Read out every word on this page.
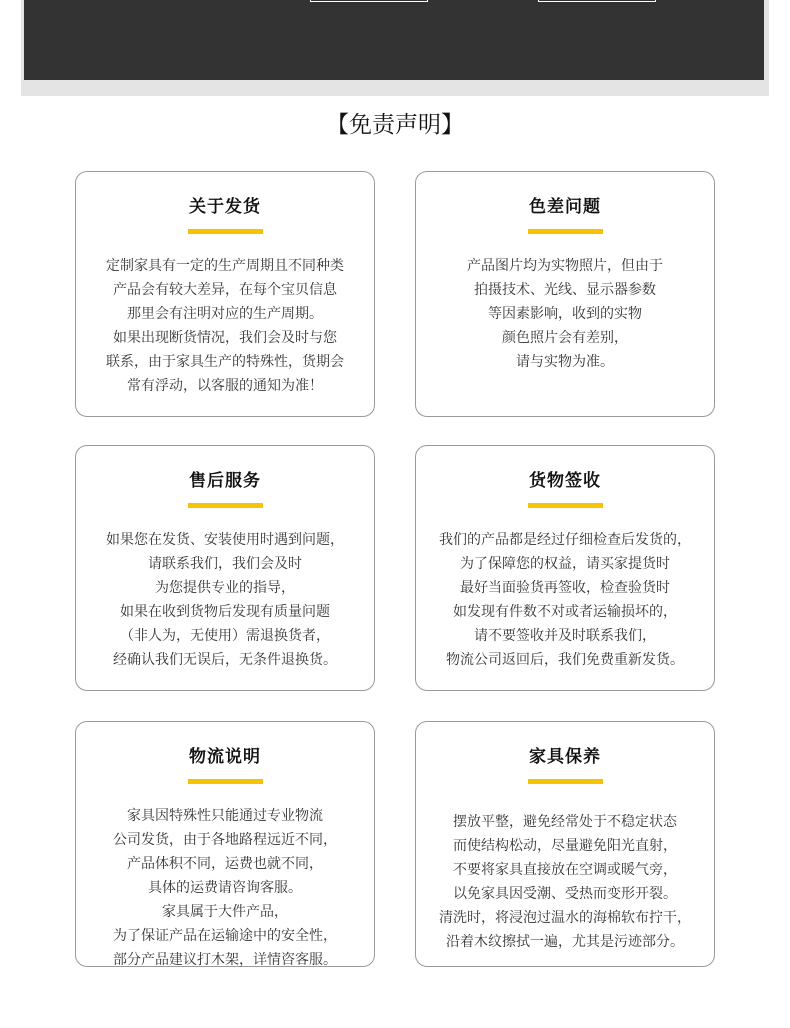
【免责声明】
关于发货
定制家具有一定的生产周期且不同种类
产品会有较大差异，在每个宝贝信息
那里会有注明对应的生产周期。
如果出现断货情况，我们会及时与您
联系，由于家具生产的特殊性，货期会
常有浮动，以客服的通知为准！
色差问题
产品图片均为实物照片，但由于
拍摄技术、光线、显示器参数
等因素影响，收到的实物
颜色照片会有差别，
请与实物为准。
售后服务
如果您在发货、安装使用时遇到问题，
请联系我们，我们会及时
为您提供专业的指导，
如果在收到货物后发现有质量问题
（非人为，无使用）需退换货者，
经确认我们无误后，无条件退换货。
货物签收
我们的产品都是经过仔细检查后发货的，
为了保障您的权益，请买家提货时
最好当面验货再签收，检查验货时
如发现有件数不对或者运输损坏的，
请不要签收并及时联系我们，
物流公司返回后，我们免费重新发货。
物流说明
家具因特殊性只能通过专业物流
公司发货，由于各地路程远近不同，
产品体积不同，运费也就不同，
具体的运费请咨询客服。
家具属于大件产品，
为了保证产品在运输途中的安全性，
部分产品建议打木架，详情咨客服。
家具保养
摆放平整，避免经常处于不稳定状态
而使结构松动，尽量避免阳光直射，
不要将家具直接放在空调或暖气旁，
以免家具因受潮、受热而变形开裂。
清洗时，将浸泡过温水的海棉软布拧干，
沿着木纹擦拭一遍，尤其是污迹部分。
